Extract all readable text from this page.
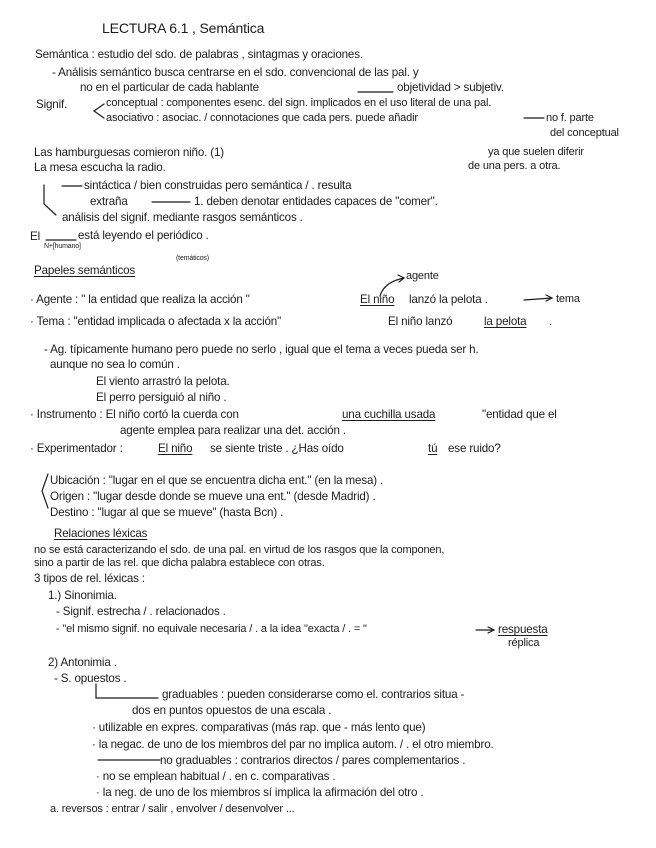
LECTURA 6.1 , Semántica
Semántica : estudio del sdo. de palabras , sintagmas y oraciones.
- Análisis semántico busca centrarse en el sdo. convencional de las pal. y
no en el particular de cada hablante	objetividad > subjetiv.
Signif.	conceptual : componentes esenc. del sign. implicados en el uso literal de una pal.
asociativo : asociac. / connotaciones que cada pers. puede añadir	no f. parte
del conceptual
ya que suelen diferir
de una pers. a otra.
Las hamburguesas comieron niño. (1)
La mesa escucha la radio.
sintáctica / bien construidas pero semántica / . resulta
extraña	1. deben denotar entidades capaces de "comer".
análisis del signif. mediante rasgos semánticos .
El	está leyendo el periódico .
N+[humano]
(temáticos)
Papeles semánticos	agente
· Agente : " la entidad que realiza la acción "	El niño lanzó la pelota .	tema
· Tema : "entidad implicada o afectada x la acción"	El niño lanzó	la pelota .
- Ag. típicamente humano pero puede no serlo , igual que el tema a veces pueda ser h.
aunque no sea lo común .
El viento arrastró la pelota.
El perro persiguió al niño .
· Instrumento : El niño cortó la cuerda con	una cuchilla usada	"entidad que el
agente emplea para realizar una det. acción .
· Experimentador :	El niño se siente triste . ¿Has oído	tú ese ruido?
Ubicación : "lugar en el que se encuentra dicha ent." (en la mesa) .
Origen : "lugar desde donde se mueve una ent." (desde Madrid) .
Destino : "lugar al que se mueve" (hasta Bcn) .
Relaciones léxicas
no se está caracterizando el sdo. de una pal. en virtud de los rasgos que la componen,
sino a partir de las rel. que dicha palabra establece con otras.
3 tipos de rel. léxicas :
1.) Sinonimia.
- Signif. estrecha / . relacionados .
- "el mismo signif. no equivale necesaria / . a la idea "exacta / . = "	respuesta
réplica
2) Antonimia .
- S. opuestos .
graduables : pueden considerarse como el. contrarios situa -
dos en puntos opuestos de una escala .
· utilizable en expres. comparativas (más rap. que - más lento que)
· la negac. de uno de los miembros del par no implica autom. / . el otro miembro.
no graduables : contrarios directos / pares complementarios .
· no se emplean habitual / . en c. comparativas .
· la neg. de uno de los miembros sí implica la afirmación del otro .
a. reversos : entrar / salir , envolver / desenvolver ...
